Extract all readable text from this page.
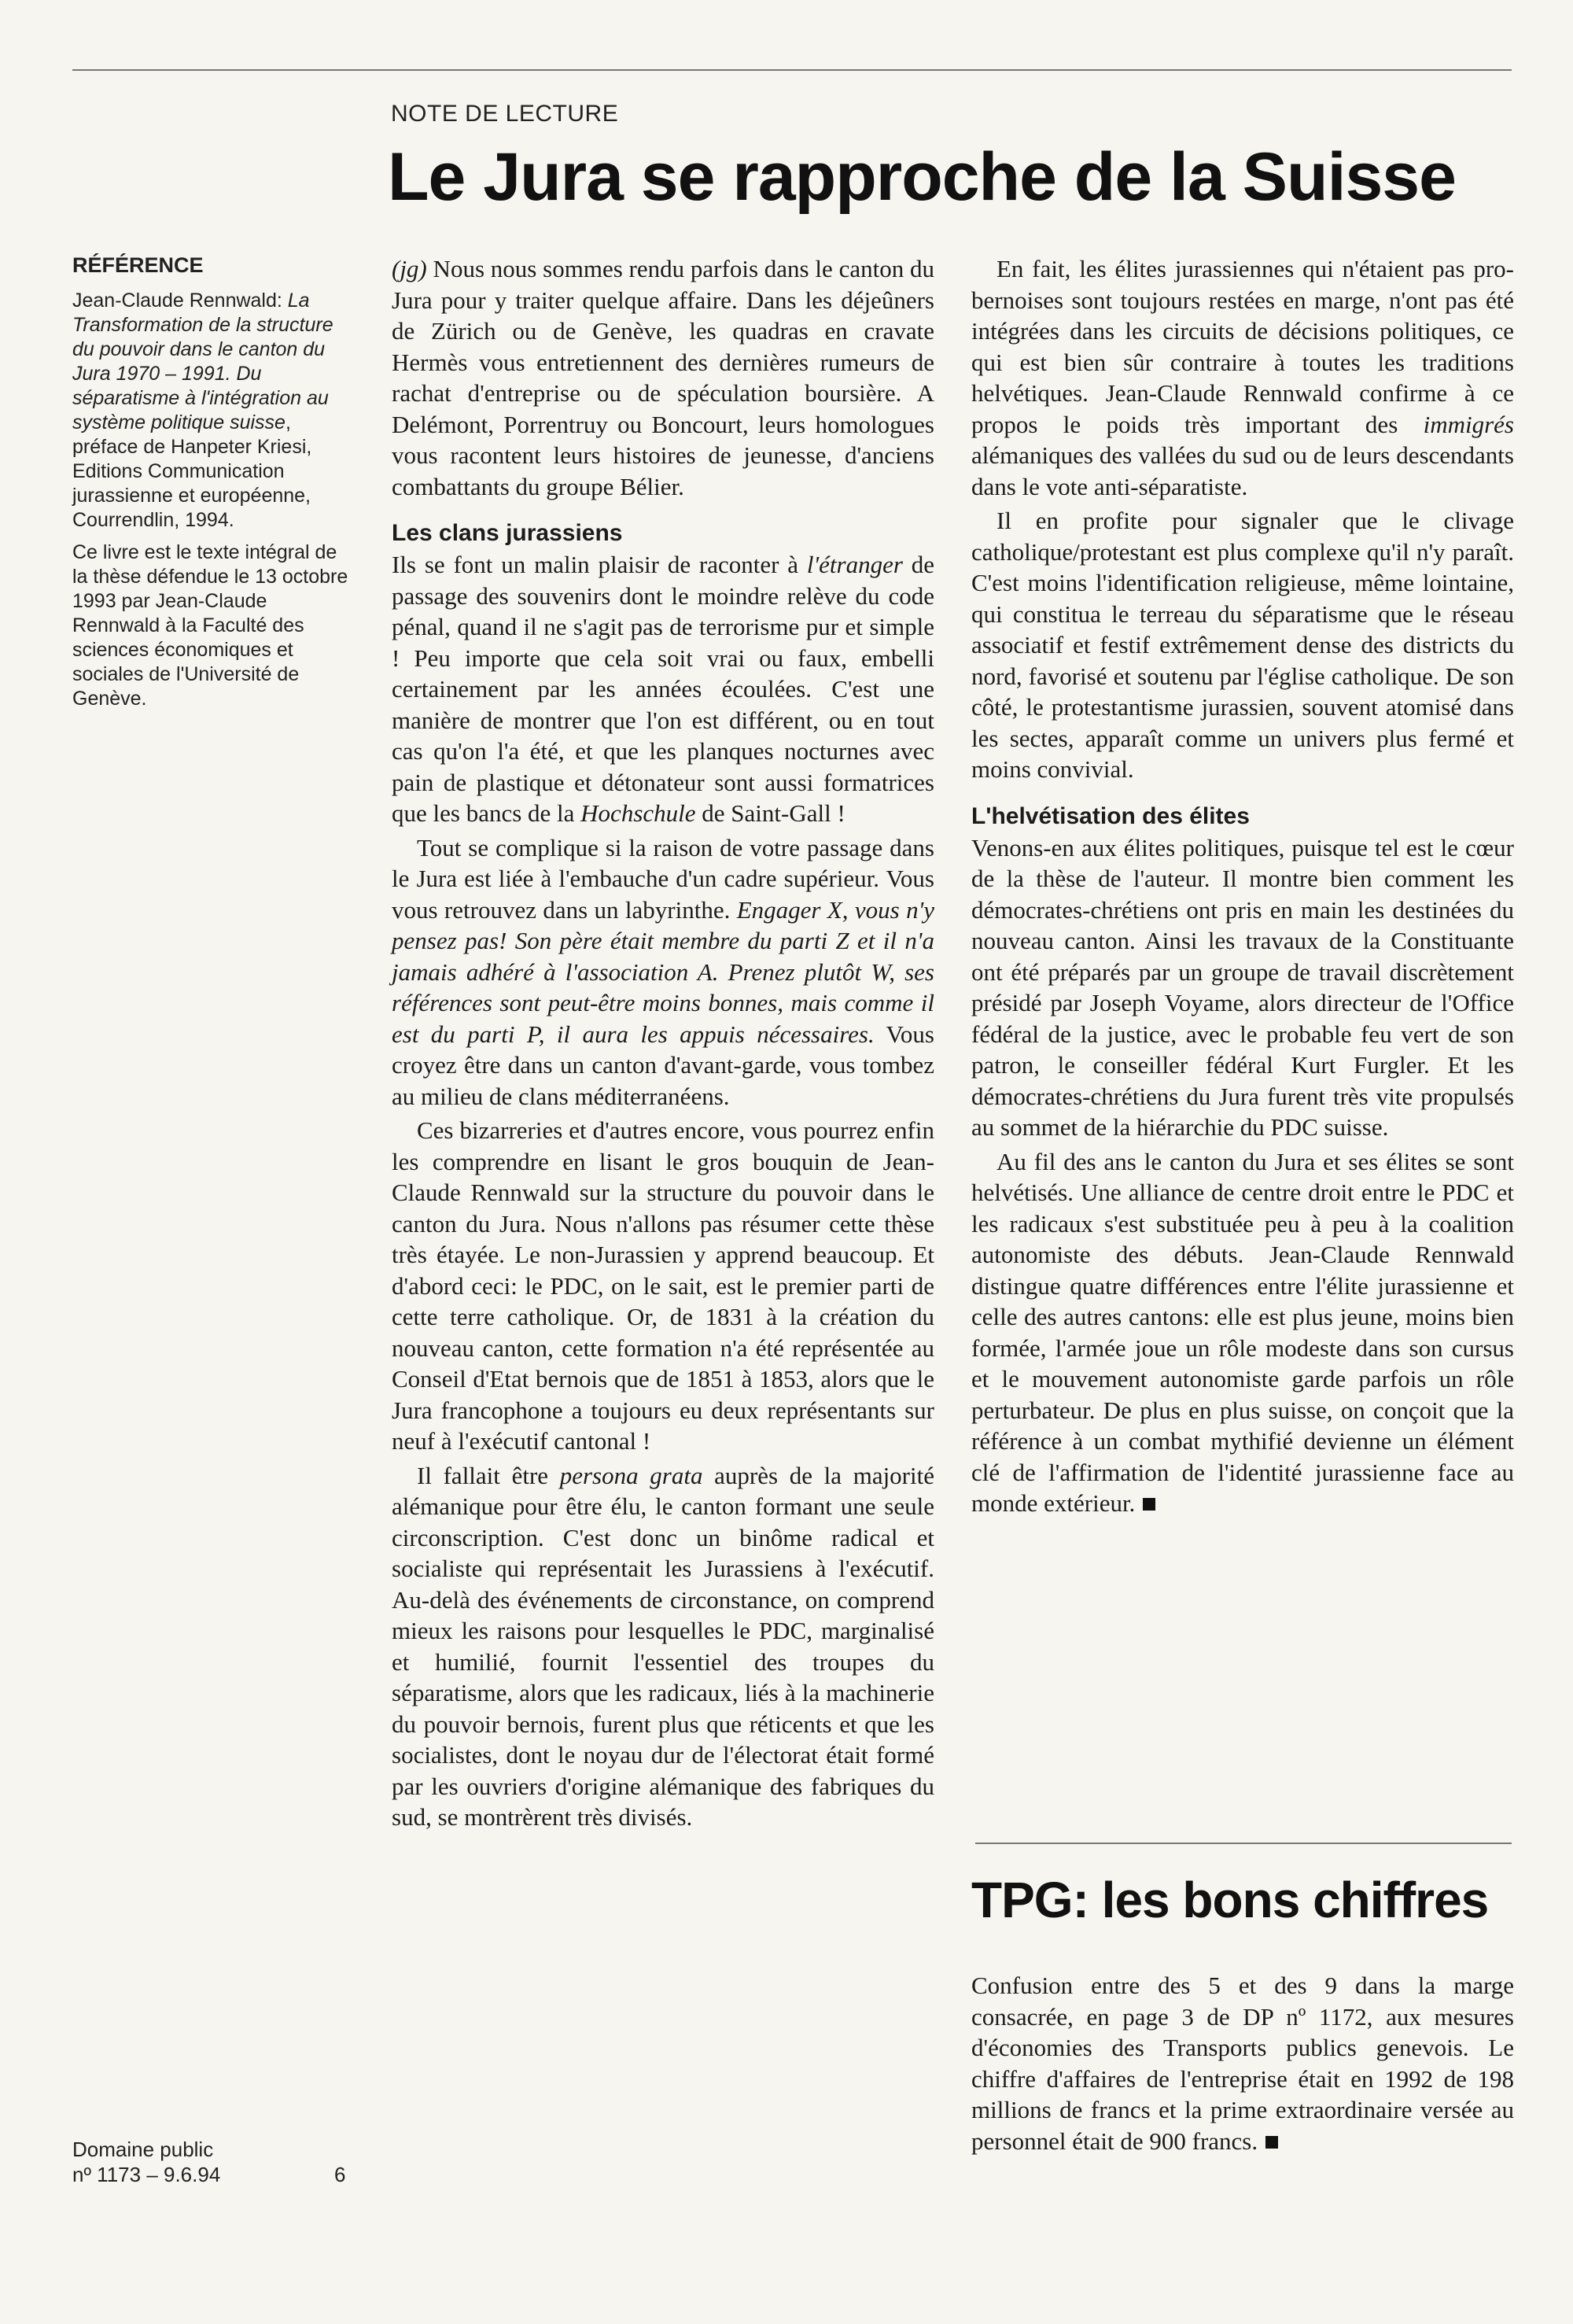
NOTE DE LECTURE
Le Jura se rapproche de la Suisse
RÉFÉRENCE

Jean-Claude Rennwald: La Transformation de la structure du pouvoir dans le canton du Jura 1970 – 1991. Du séparatisme à l'intégration au système politique suisse, préface de Hanpeter Kriesi, Editions Communication jurassienne et européenne, Courrendlin, 1994.

Ce livre est le texte intégral de la thèse défendue le 13 octobre 1993 par Jean-Claude Rennwald à la Faculté des sciences économiques et sociales de l'Université de Genève.

(jg) Nous nous sommes rendu parfois dans le canton du Jura pour y traiter quelque affaire. Dans les déjeûners de Zürich ou de Genève, les quadras en cravate Hermès vous entretiennent des dernières rumeurs de rachat d'entreprise ou de spéculation boursière. A Delémont, Porrentruy ou Boncourt, leurs homologues vous racontent leurs histoires de jeunesse, d'anciens combattants du groupe Bélier.

Les clans jurassiens

Ils se font un malin plaisir de raconter à l'étranger de passage des souvenirs dont le moindre relève du code pénal, quand il ne s'agit pas de terrorisme pur et simple ! Peu importe que cela soit vrai ou faux, embelli certainement par les années écoulées. C'est une manière de montrer que l'on est différent, ou en tout cas qu'on l'a été, et que les planques nocturnes avec pain de plastique et détonateur sont aussi formatrices que les bancs de la Hochschule de Saint-Gall !

Tout se complique si la raison de votre passage dans le Jura est liée à l'embauche d'un cadre supérieur. Vous vous retrouvez dans un labyrinthe. Engager X, vous n'y pensez pas! Son père était membre du parti Z et il n'a jamais adhéré à l'association A. Prenez plutôt W, ses références sont peut-être moins bonnes, mais comme il est du parti P, il aura les appuis nécessaires. Vous croyez être dans un canton d'avant-garde, vous tombez au milieu de clans méditerranéens.

Ces bizarreries et d'autres encore, vous pourrez enfin les comprendre en lisant le gros bouquin de Jean-Claude Rennwald sur la structure du pouvoir dans le canton du Jura. Nous n'allons pas résumer cette thèse très étayée. Le non-Jurassien y apprend beaucoup. Et d'abord ceci: le PDC, on le sait, est le premier parti de cette terre catholique. Or, de 1831 à la création du nouveau canton, cette formation n'a été représentée au Conseil d'Etat bernois que de 1851 à 1853, alors que le Jura francophone a toujours eu deux représentants sur neuf à l'exécutif cantonal !

Il fallait être persona grata auprès de la majorité alémanique pour être élu, le canton formant une seule circonscription. C'est donc un binôme radical et socialiste qui représentait les Jurassiens à l'exécutif. Au-delà des événements de circonstance, on comprend mieux les raisons pour lesquelles le PDC, marginalisé et humilié, fournit l'essentiel des troupes du séparatisme, alors que les radicaux, liés à la machinerie du pouvoir bernois, furent plus que réticents et que les socialistes, dont le noyau dur de l'électorat était formé par les ouvriers d'origine alémanique des fabriques du sud, se montrèrent très divisés.

En fait, les élites jurassiennes qui n'étaient pas pro-bernoises sont toujours restées en marge, n'ont pas été intégrées dans les circuits de décisions politiques, ce qui est bien sûr contraire à toutes les traditions helvétiques. Jean-Claude Rennwald confirme à ce propos le poids très important des immigrés alémaniques des vallées du sud ou de leurs descendants dans le vote anti-séparatiste.

Il en profite pour signaler que le clivage catholique/protestant est plus complexe qu'il n'y paraît. C'est moins l'identification religieuse, même lointaine, qui constitua le terreau du séparatisme que le réseau associatif et festif extrêmement dense des districts du nord, favorisé et soutenu par l'église catholique. De son côté, le protestantisme jurassien, souvent atomisé dans les sectes, apparaît comme un univers plus fermé et moins convivial.

L'helvétisation des élites

Venons-en aux élites politiques, puisque tel est le cœur de la thèse de l'auteur. Il montre bien comment les démocrates-chrétiens ont pris en main les destinées du nouveau canton. Ainsi les travaux de la Constituante ont été préparés par un groupe de travail discrètement présidé par Joseph Voyame, alors directeur de l'Office fédéral de la justice, avec le probable feu vert de son patron, le conseiller fédéral Kurt Furgler. Et les démocrates-chrétiens du Jura furent très vite propulsés au sommet de la hiérarchie du PDC suisse.

Au fil des ans le canton du Jura et ses élites se sont helvétisés. Une alliance de centre droit entre le PDC et les radicaux s'est substituée peu à peu à la coalition autonomiste des débuts. Jean-Claude Rennwald distingue quatre différences entre l'élite jurassienne et celle des autres cantons: elle est plus jeune, moins bien formée, l'armée joue un rôle modeste dans son cursus et le mouvement autonomiste garde parfois un rôle perturbateur. De plus en plus suisse, on conçoit que la référence à un combat mythifié devienne un élément clé de l'affirmation de l'identité jurassienne face au monde extérieur.

TPG: les bons chiffres

Confusion entre des 5 et des 9 dans la marge consacrée, en page 3 de DP nº 1172, aux mesures d'économies des Transports publics genevois. Le chiffre d'affaires de l'entreprise était en 1992 de 198 millions de francs et la prime extraordinaire versée au personnel était de 900 francs.

Domaine public
nº 1173 – 9.6.94	6
